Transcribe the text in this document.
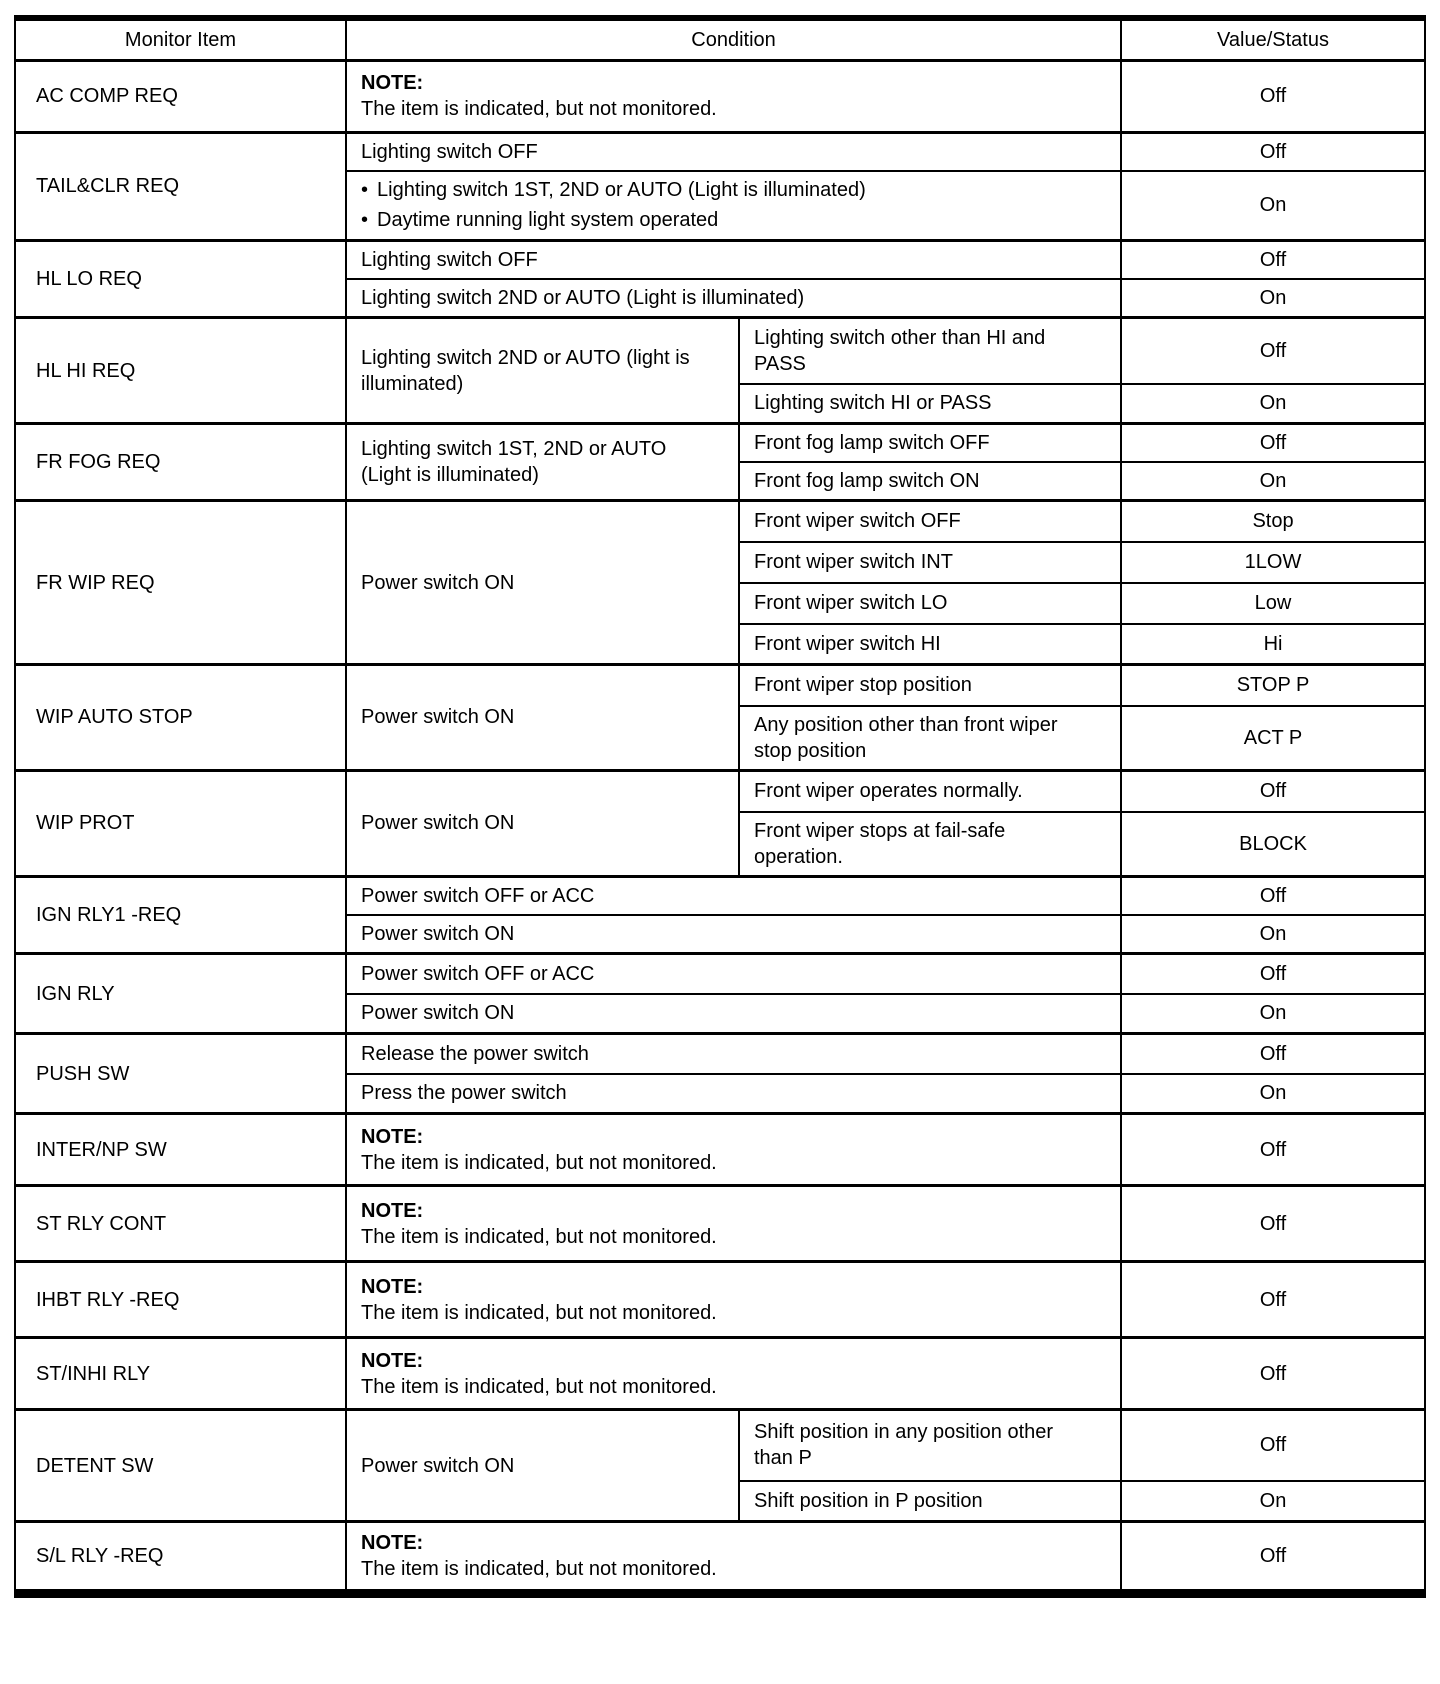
Monitor Item	Condition		Value/Status
AC COMP REQ	NOTE:
The item is indicated, but not monitored.		Off
TAIL&CLR REQ	Lighting switch OFF		Off

	• Lighting switch 1ST, 2ND or AUTO (Light is illuminated)
• Daytime running light system operated		On
HL LO REQ	Lighting switch OFF		Off
	Lighting switch 2ND or AUTO (Light is illuminated)		On
HL HI REQ	Lighting switch 2ND or AUTO (light is illuminated)	Lighting switch other than HI and PASS	Off
		Lighting switch HI or PASS	On
FR FOG REQ	Lighting switch 1ST, 2ND or AUTO (Light is illuminated)	Front fog lamp switch OFF	Off
		Front fog lamp switch ON	On
FR WIP REQ	Power switch ON	Front wiper switch OFF	Stop
		Front wiper switch INT	1LOW
		Front wiper switch LO	Low
		Front wiper switch HI	Hi
WIP AUTO STOP	Power switch ON	Front wiper stop position	STOP P
		Any position other than front wiper stop position	ACT P
WIP PROT	Power switch ON	Front wiper operates normally.	Off
		Front wiper stops at fail-safe operation.	BLOCK
IGN RLY1 -REQ	Power switch OFF or ACC		Off
	Power switch ON		On
IGN RLY	Power switch OFF or ACC		Off
	Power switch ON		On
PUSH SW	Release the power switch		Off
	Press the power switch		On
INTER/NP SW	NOTE:
The item is indicated, but not monitored.		Off
ST RLY CONT	NOTE:
The item is indicated, but not monitored.		Off
IHBT RLY -REQ	NOTE:
The item is indicated, but not monitored.		Off
ST/INHI RLY	NOTE:
The item is indicated, but not monitored.		Off
DETENT SW	Power switch ON	Shift position in any position other than P	Off
		Shift position in P position	On
S/L RLY -REQ	NOTE:
The item is indicated, but not monitored.		Off
